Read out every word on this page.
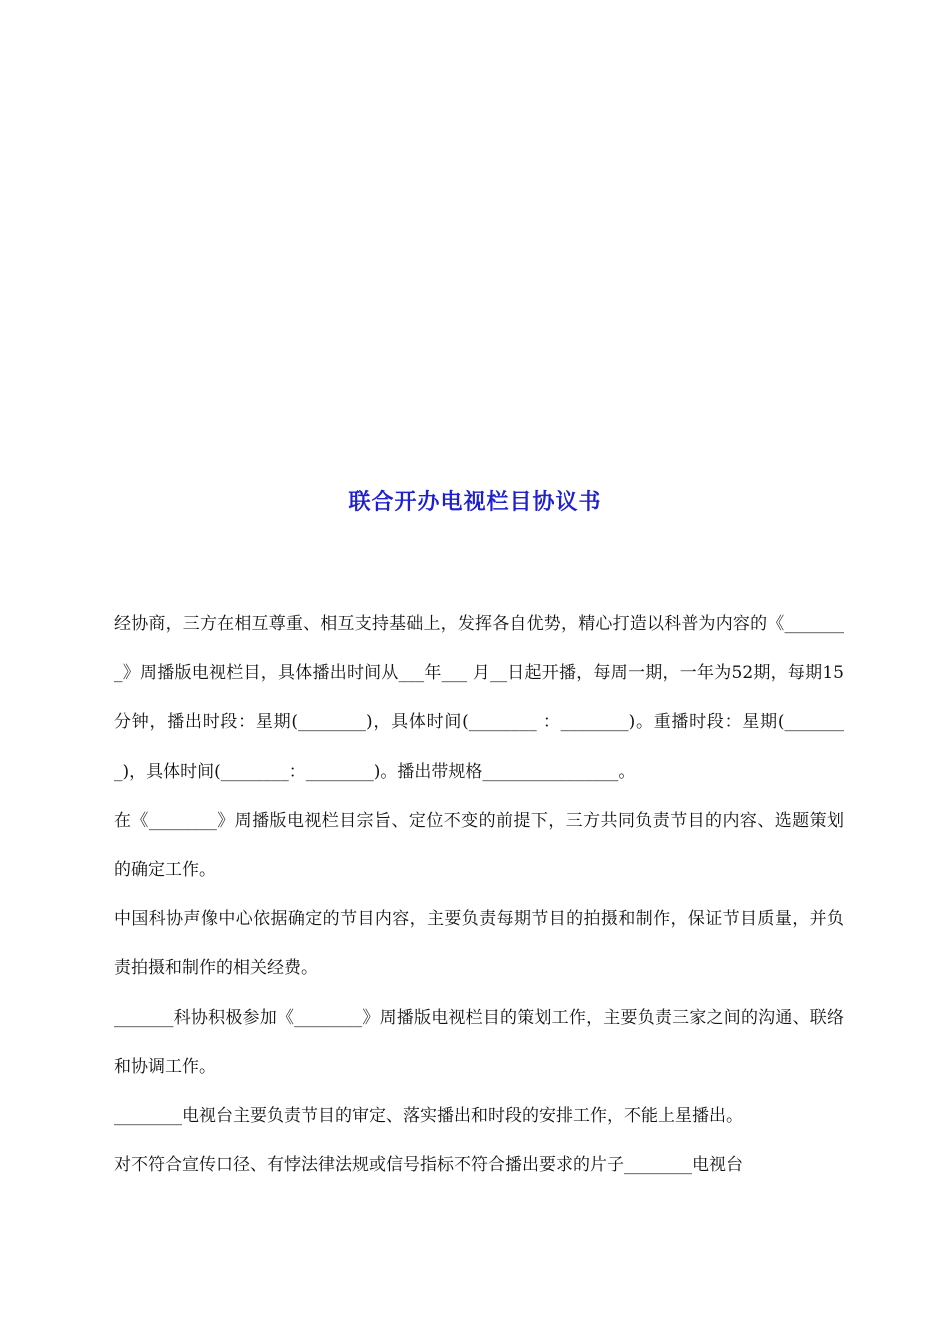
联合开办电视栏目协议书

经协商，三方在相互尊重、相互支持基础上，发挥各自优势，精心打造以科普为内容的《________》周播版电视栏目，具体播出时间从___年___ 月__日起开播，每周一期，一年为52期，每期15分钟，播出时段：星期(________)，具体时间(________ ：________)。重播时段：星期(________)，具体时间(________：________)。播出带规格________________。

在《________》周播版电视栏目宗旨、定位不变的前提下，三方共同负责节目的内容、选题策划的确定工作。

中国科协声像中心依据确定的节目内容，主要负责每期节目的拍摄和制作，保证节目质量，并负责拍摄和制作的相关经费。

_______科协积极参加《________》周播版电视栏目的策划工作，主要负责三家之间的沟通、联络和协调工作。

________电视台主要负责节目的审定、落实播出和时段的安排工作，不能上星播出。

对不符合宣传口径、有悖法律法规或信号指标不符合播出要求的片子________电视台
